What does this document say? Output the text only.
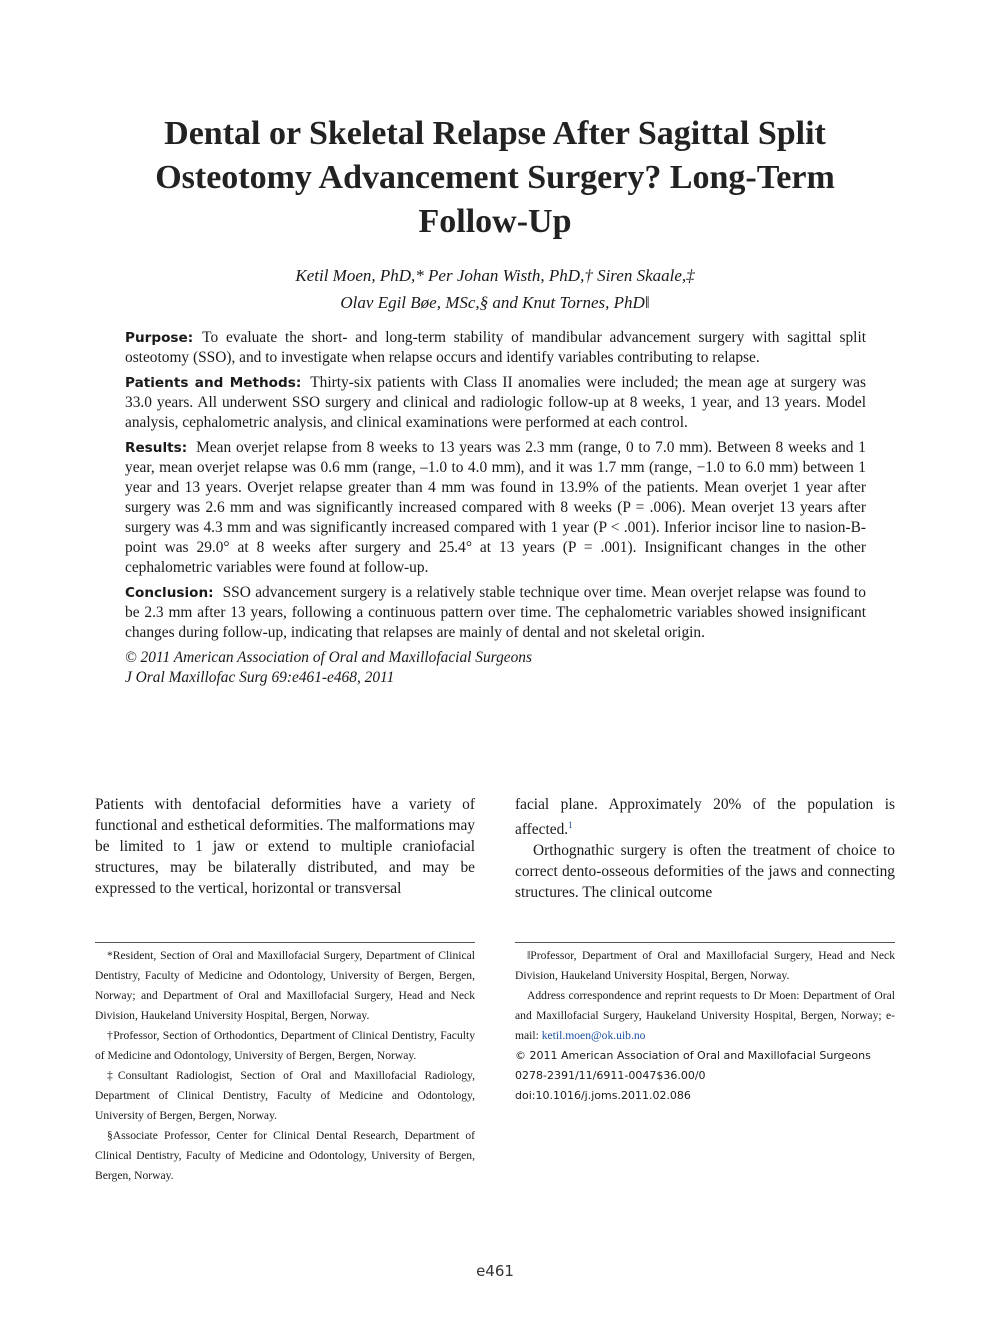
Dental or Skeletal Relapse After Sagittal Split Osteotomy Advancement Surgery? Long-Term Follow-Up
Ketil Moen, PhD,* Per Johan Wisth, PhD,† Siren Skaale,‡
Olav Egil Bøe, MSc,§ and Knut Tornes, PhD‖

Purpose: To evaluate the short- and long-term stability of mandibular advancement surgery with sagittal split osteotomy (SSO), and to investigate when relapse occurs and identify variables contributing to relapse.

Patients and Methods: Thirty-six patients with Class II anomalies were included; the mean age at surgery was 33.0 years. All underwent SSO surgery and clinical and radiologic follow-up at 8 weeks, 1 year, and 13 years. Model analysis, cephalometric analysis, and clinical examinations were performed at each control.

Results: Mean overjet relapse from 8 weeks to 13 years was 2.3 mm (range, 0 to 7.0 mm). Between 8 weeks and 1 year, mean overjet relapse was 0.6 mm (range, –1.0 to 4.0 mm), and it was 1.7 mm (range, −1.0 to 6.0 mm) between 1 year and 13 years. Overjet relapse greater than 4 mm was found in 13.9% of the patients. Mean overjet 1 year after surgery was 2.6 mm and was significantly increased compared with 8 weeks (P = .006). Mean overjet 13 years after surgery was 4.3 mm and was significantly increased compared with 1 year (P < .001). Inferior incisor line to nasion-B-point was 29.0° at 8 weeks after surgery and 25.4° at 13 years (P = .001). Insignificant changes in the other cephalometric variables were found at follow-up.

Conclusion: SSO advancement surgery is a relatively stable technique over time. Mean overjet relapse was found to be 2.3 mm after 13 years, following a continuous pattern over time. The cephalometric variables showed insignificant changes during follow-up, indicating that relapses are mainly of dental and not skeletal origin.

© 2011 American Association of Oral and Maxillofacial Surgeons

J Oral Maxillofac Surg 69:e461-e468, 2011

Patients with dentofacial deformities have a variety of functional and esthetical deformities. The malformations may be limited to 1 jaw or extend to multiple craniofacial structures, may be bilaterally distributed, and may be expressed to the vertical, horizontal or transversal

facial plane. Approximately 20% of the population is affected.$^1$

Orthognathic surgery is often the treatment of choice to correct dento-osseous deformities of the jaws and connecting structures. The clinical outcome

*Resident, Section of Oral and Maxillofacial Surgery, Department of Clinical Dentistry, Faculty of Medicine and Odontology, University of Bergen, Bergen, Norway; and Department of Oral and Maxillofacial Surgery, Head and Neck Division, Haukeland University Hospital, Bergen, Norway.

†Professor, Section of Orthodontics, Department of Clinical Dentistry, Faculty of Medicine and Odontology, University of Bergen, Bergen, Norway.

‡Consultant Radiologist, Section of Oral and Maxillofacial Radiology, Department of Clinical Dentistry, Faculty of Medicine and Odontology, University of Bergen, Bergen, Norway.

§Associate Professor, Center for Clinical Dental Research, Department of Clinical Dentistry, Faculty of Medicine and Odontology, University of Bergen, Bergen, Norway.

‖Professor, Department of Oral and Maxillofacial Surgery, Head and Neck Division, Haukeland University Hospital, Bergen, Norway.

Address correspondence and reprint requests to Dr Moen: Department of Oral and Maxillofacial Surgery, Haukeland University Hospital, Bergen, Norway; e-mail: ketil.moen@ok.uib.no

© 2011 American Association of Oral and Maxillofacial Surgeons

0278-2391/11/6911-0047$36.00/0

doi:10.1016/j.joms.2011.02.086

e461
